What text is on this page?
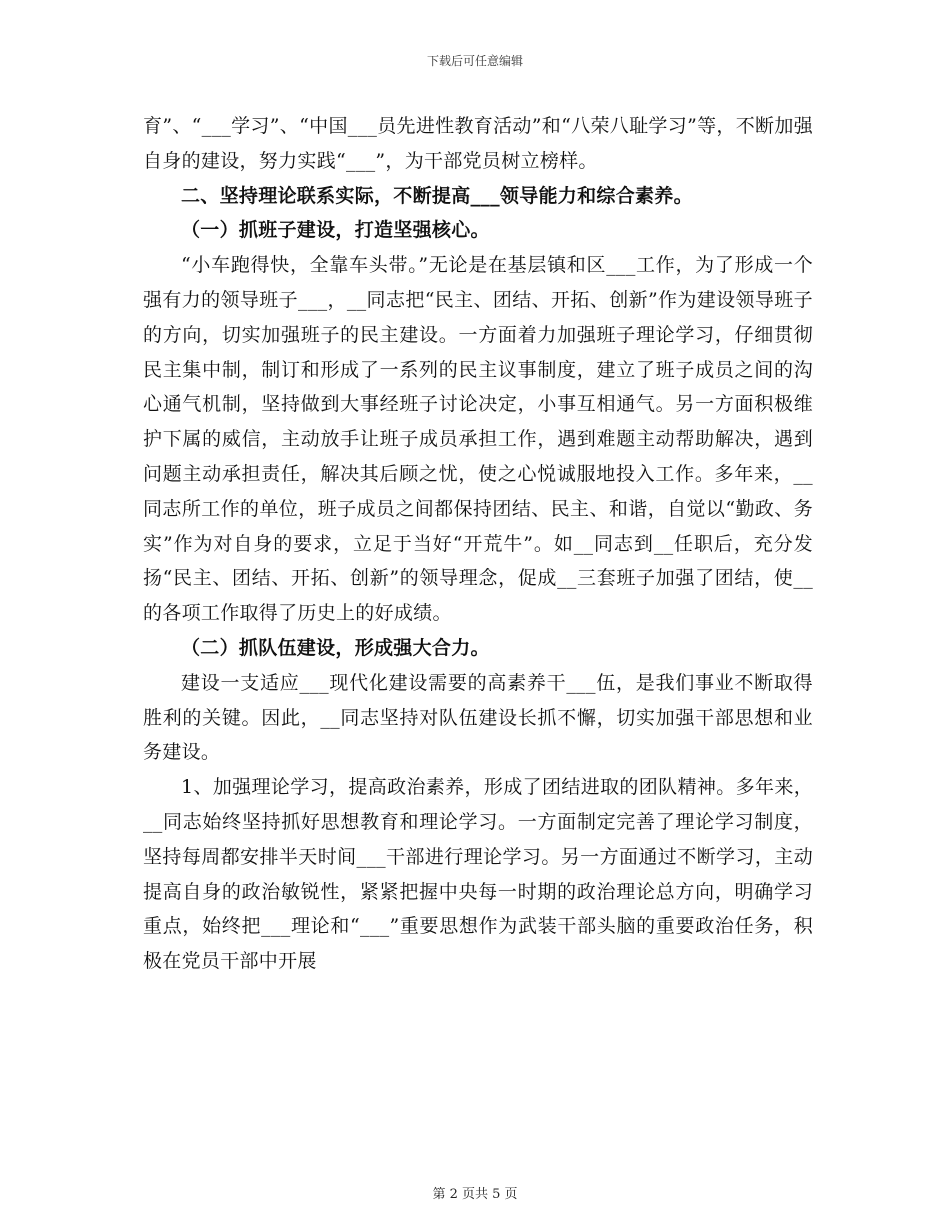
下载后可任意编辑

育”、“___学习”、“中国___员先进性教育活动”和“八荣八耻学习”等，不断加强自身的建设，努力实践“___”，为干部党员树立榜样。

二、坚持理论联系实际，不断提高___领导能力和综合素养。

（一）抓班子建设，打造坚强核心。

“小车跑得快，全靠车头带。”无论是在基层镇和区___工作，为了形成一个强有力的领导班子___，__同志把“民主、团结、开拓、创新”作为建设领导班子的方向，切实加强班子的民主建设。一方面着力加强班子理论学习，仔细贯彻民主集中制，制订和形成了一系列的民主议事制度，建立了班子成员之间的沟心通气机制，坚持做到大事经班子讨论决定，小事互相通气。另一方面积极维护下属的威信，主动放手让班子成员承担工作，遇到难题主动帮助解决，遇到问题主动承担责任，解决其后顾之忧，使之心悦诚服地投入工作。多年来，__同志所工作的单位，班子成员之间都保持团结、民主、和谐，自觉以“勤政、务实”作为对自身的要求，立足于当好“开荒牛”。如__同志到__任职后，充分发扬“民主、团结、开拓、创新”的领导理念，促成__三套班子加强了团结，使__的各项工作取得了历史上的好成绩。

（二）抓队伍建设，形成强大合力。

建设一支适应___现代化建设需要的高素养干___伍，是我们事业不断取得胜利的关键。因此，__同志坚持对队伍建设长抓不懈，切实加强干部思想和业务建设。

1、加强理论学习，提高政治素养，形成了团结进取的团队精神。多年来，__同志始终坚持抓好思想教育和理论学习。一方面制定完善了理论学习制度，坚持每周都安排半天时间___干部进行理论学习。另一方面通过不断学习，主动提高自身的政治敏锐性，紧紧把握中央每一时期的政治理论总方向，明确学习重点，始终把___理论和“___”重要思想作为武装干部头脑的重要政治任务，积极在党员干部中开展

第 2 页共 5 页
